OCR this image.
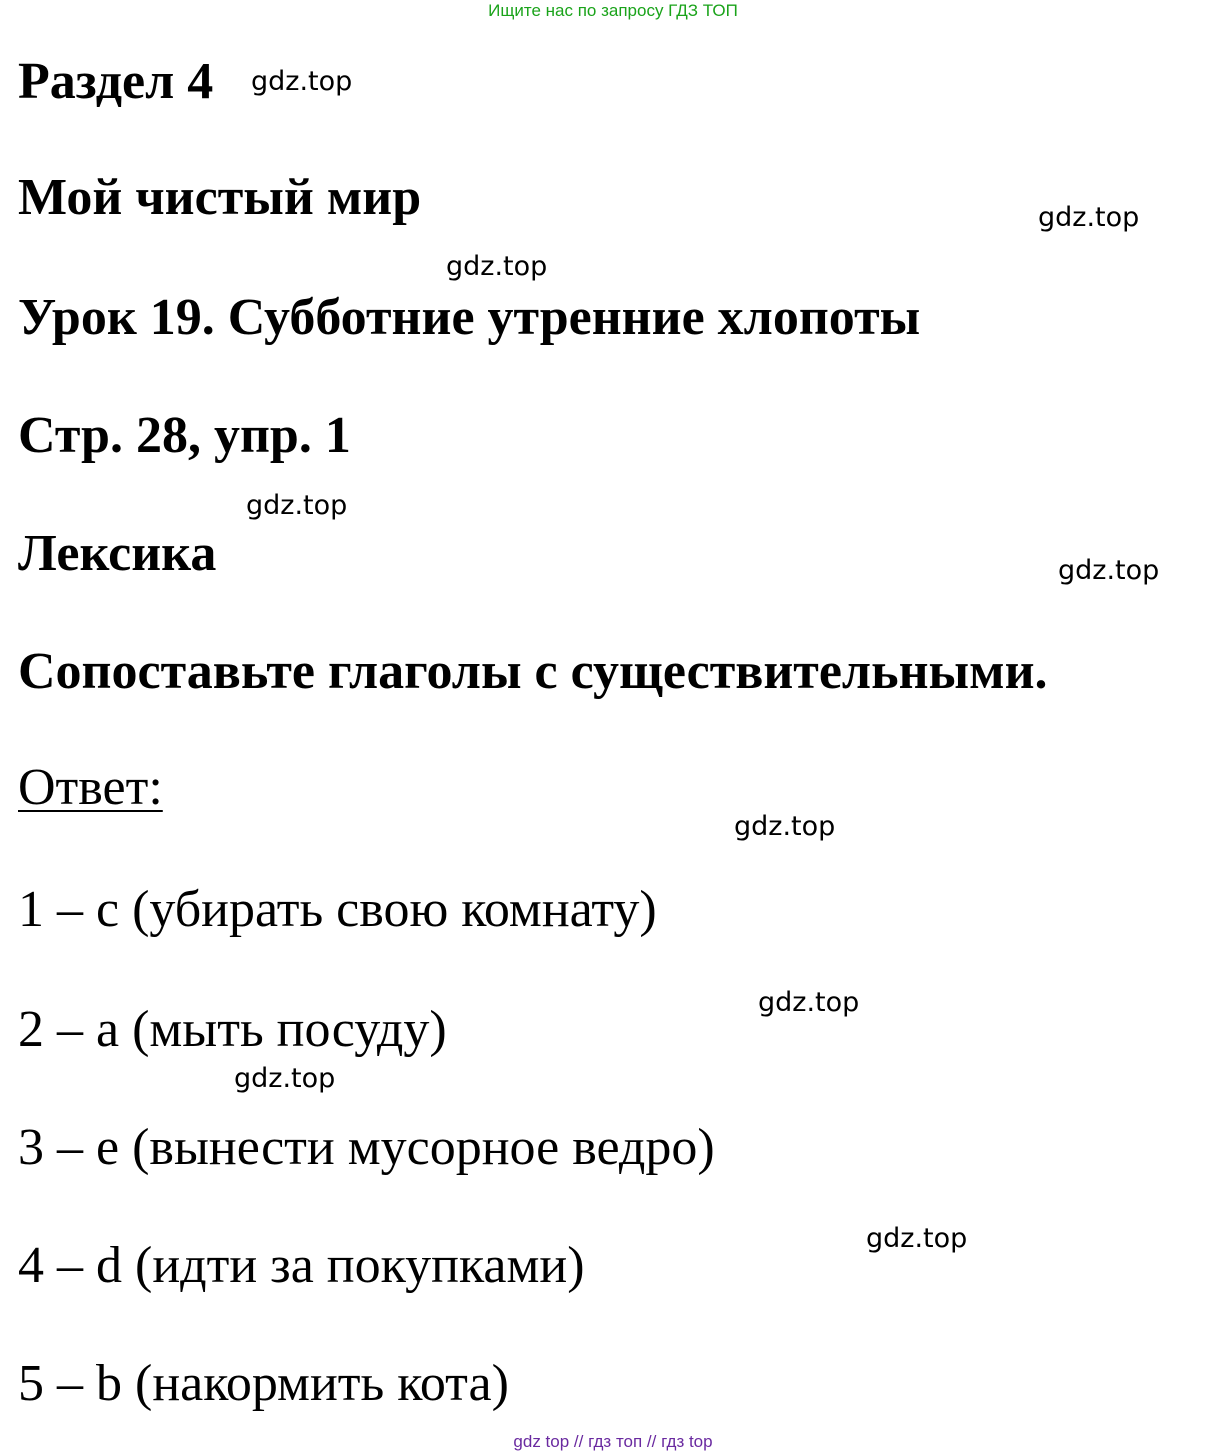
Ищите нас по запросу ГДЗ ТОП
Раздел 4 gdz.top
Мой чистый мир	gdz.top
gdz.top
Урок 19. Субботние утренние хлопоты
Стр. 28, упр. 1
gdz.top
Лексика	gdz.top
Сопоставьте глаголы с существительными.
Ответ:
gdz.top
1 – c (убирать свою комнату)
gdz.top
2 – a (мыть посуду)
gdz.top
3 – e (вынести мусорное ведро)
gdz.top
4 – d (идти за покупками)
5 – b (накормить кота)
gdz top // гдз топ // гдз top
